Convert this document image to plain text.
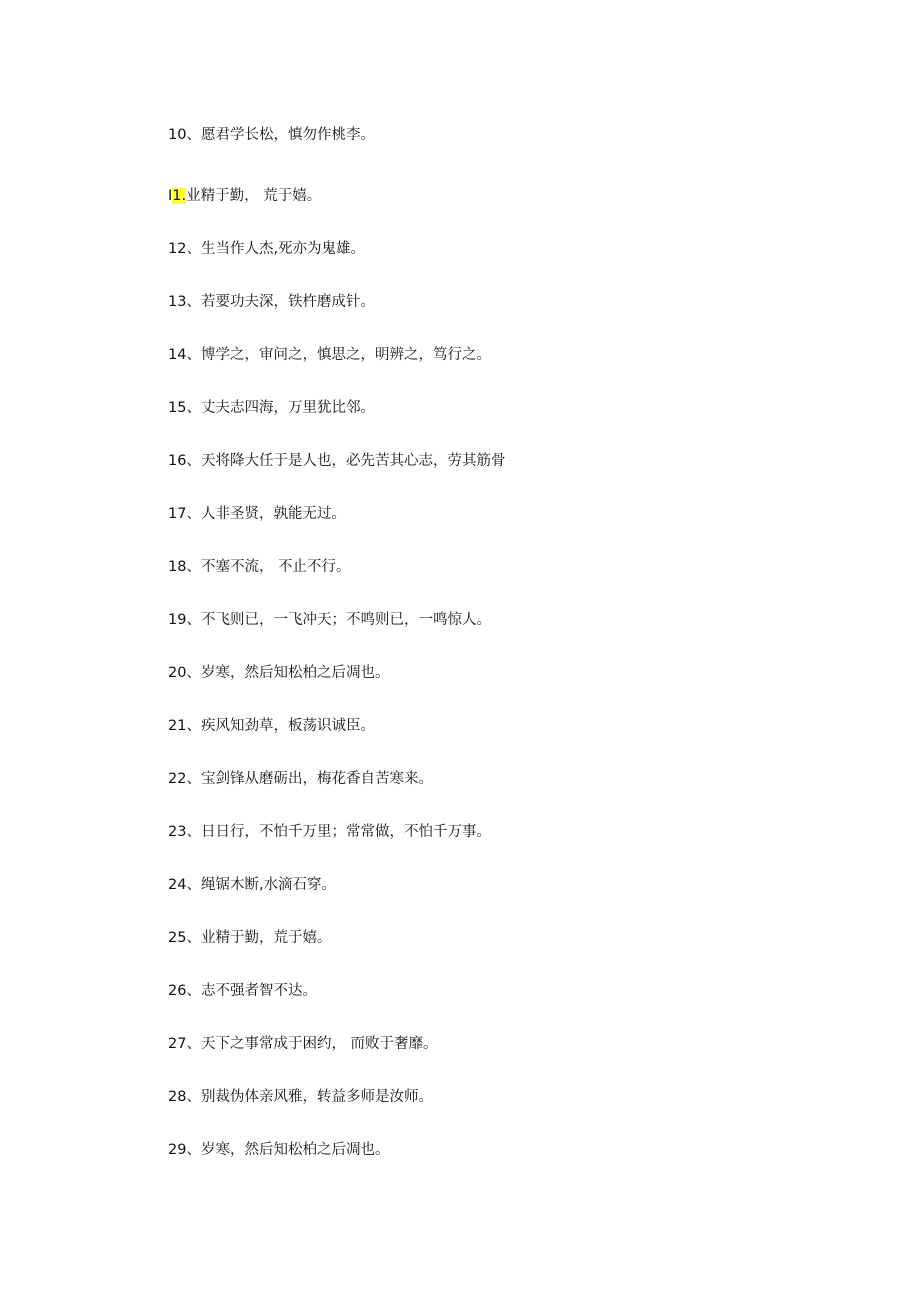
10、愿君学长松，慎勿作桃李。
I1.业精于勤， 荒于嬉。
12、生当作人杰,死亦为鬼雄。
13、若要功夫深，铁杵磨成针。
14、博学之，审问之，慎思之，明辨之，笃行之。
15、丈夫志四海，万里犹比邻。
16、天将降大任于是人也，必先苦其心志，劳其筋骨
17、人非圣贤，孰能无过。
18、不塞不流， 不止不行。
19、不飞则已，一飞冲天；不鸣则已，一鸣惊人。
20、岁寒，然后知松柏之后凋也。
21、疾风知劲草，板荡识诚臣。
22、宝剑锋从磨砺出，梅花香自苦寒来。
23、日日行，不怕千万里；常常做，不怕千万事。
24、绳锯木断,水滴石穿。
25、业精于勤，荒于嬉。
26、志不强者智不达。
27、天下之事常成于困约， 而败于奢靡。
28、别裁伪体亲风雅，转益多师是汝师。
29、岁寒，然后知松柏之后凋也。
